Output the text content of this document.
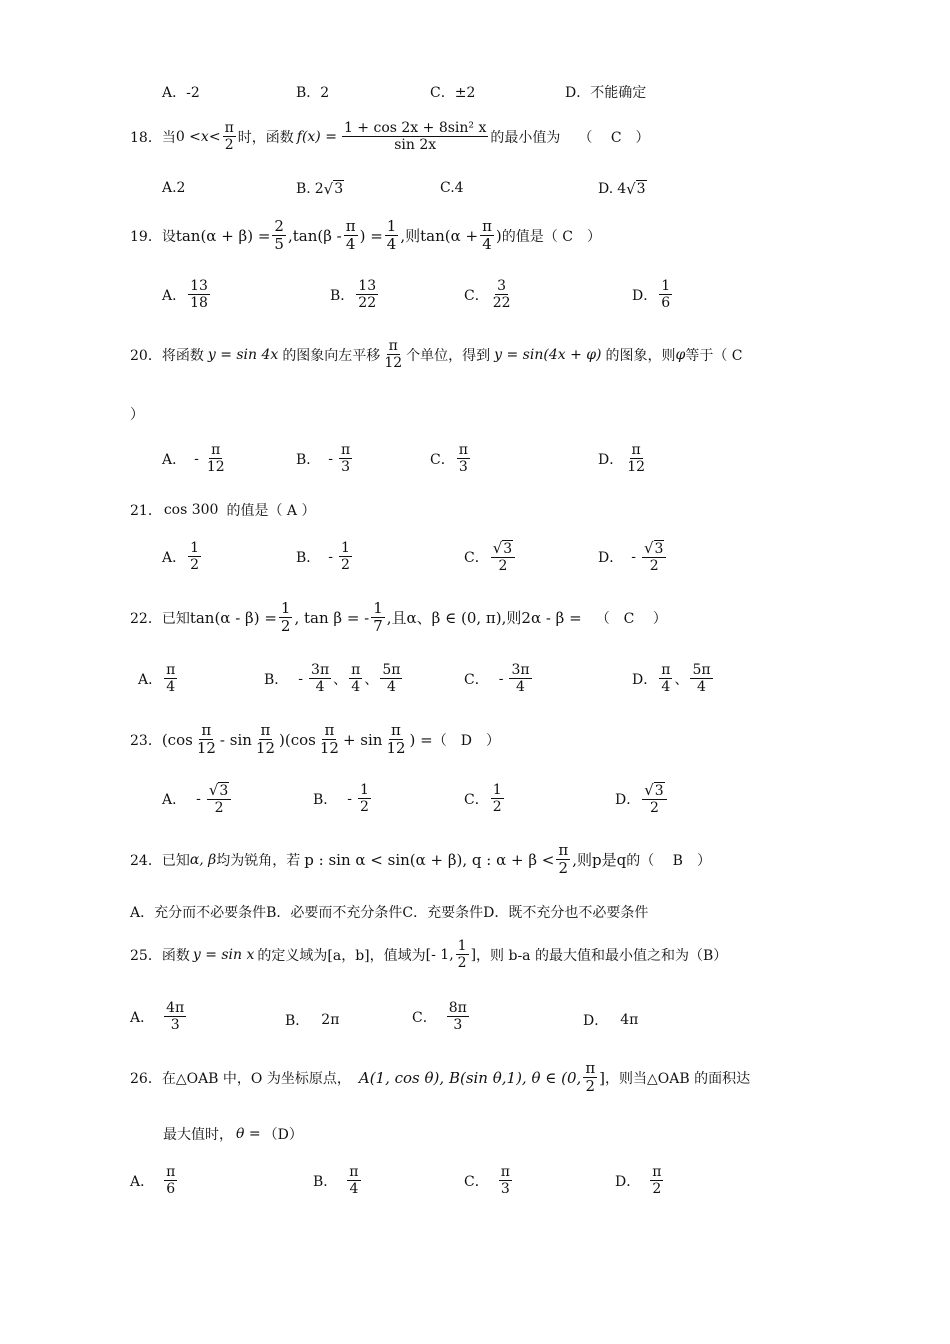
A．-2	B．2	C．±2	D．不能确定
18． 当 $0 < x < \frac{\pi}{2}$ 时，函数 $f(x) = \frac{\text{1 + cos 2x + 8sin² x}}{\sin 2x}$ 的最小值为 （　 C　）
A.2	B. 2 √ 3	C.4	D. 4 √ 3
19． 设 $\tan(\alpha + \beta) = \frac{2}{5} ,\tan(\beta$ -
π
4 ) = $\frac{1}{4}$ ,则 $\tan(\alpha + \frac{\pi}{4}$ ) 的值是（ C　）
A．
13
18	B．
13
22	C．
3
22	D．
1
6
20． 将函数 y = sin 4x 的图象向左平移
π
12 个单位，得到 y = sin(4x + φ) 的图象，则 φ 等于（ C
）
A． -
π
12	B． -
π
3	C．
π
3	D．
π
12
21． cos 300 的值是（ A ）
A．
1
2	B． -
1
2	C．
√3
2
D． -
√3
2
22． 已知 $\tan(\alpha - \beta) = \frac{1}{2}$ , tan β = -
1
7 ,且α、β ∈ (0, π),则2α - β = （　C　 ）
A．
π
4	B． -
3π
4 、
π
4 、
5π
4	C． -
3π
4	D．
π
4 、
5π
4
23． (cos
π
12 - sin
π
12 )(cos
π
12 + sin
π
12 ) = （　D　）
A． -
√3
2
B． -
1
2	C．
1
2	D．
√3
2
24． 已知 α, β 均为锐角，若 p : sin α < sin(α + β), q : α + β <
π
2 ,则p是q 的（　 B　）
A．充分而不必要条件B．必要而不充分条件C．充要条件D．既不充分也不必要条件
25． 函数 y = sin x 的定义域为[a，b]，值域为 [- 1,
1
2
] ，则 b-a 的最大值和最小值之和为（B）
A．
4π
3	B． 2π	C．
8π
3	D． 4π
26． 在△OAB 中，O 为坐标原点， A(1, cos θ), B(sin θ,1), θ ∈ (0,
π
2 ] ，则当△OAB 的面积达
最大值时， θ = （D）
A．
π
6	B．
π
4	C．
π
3	D．
π
2
